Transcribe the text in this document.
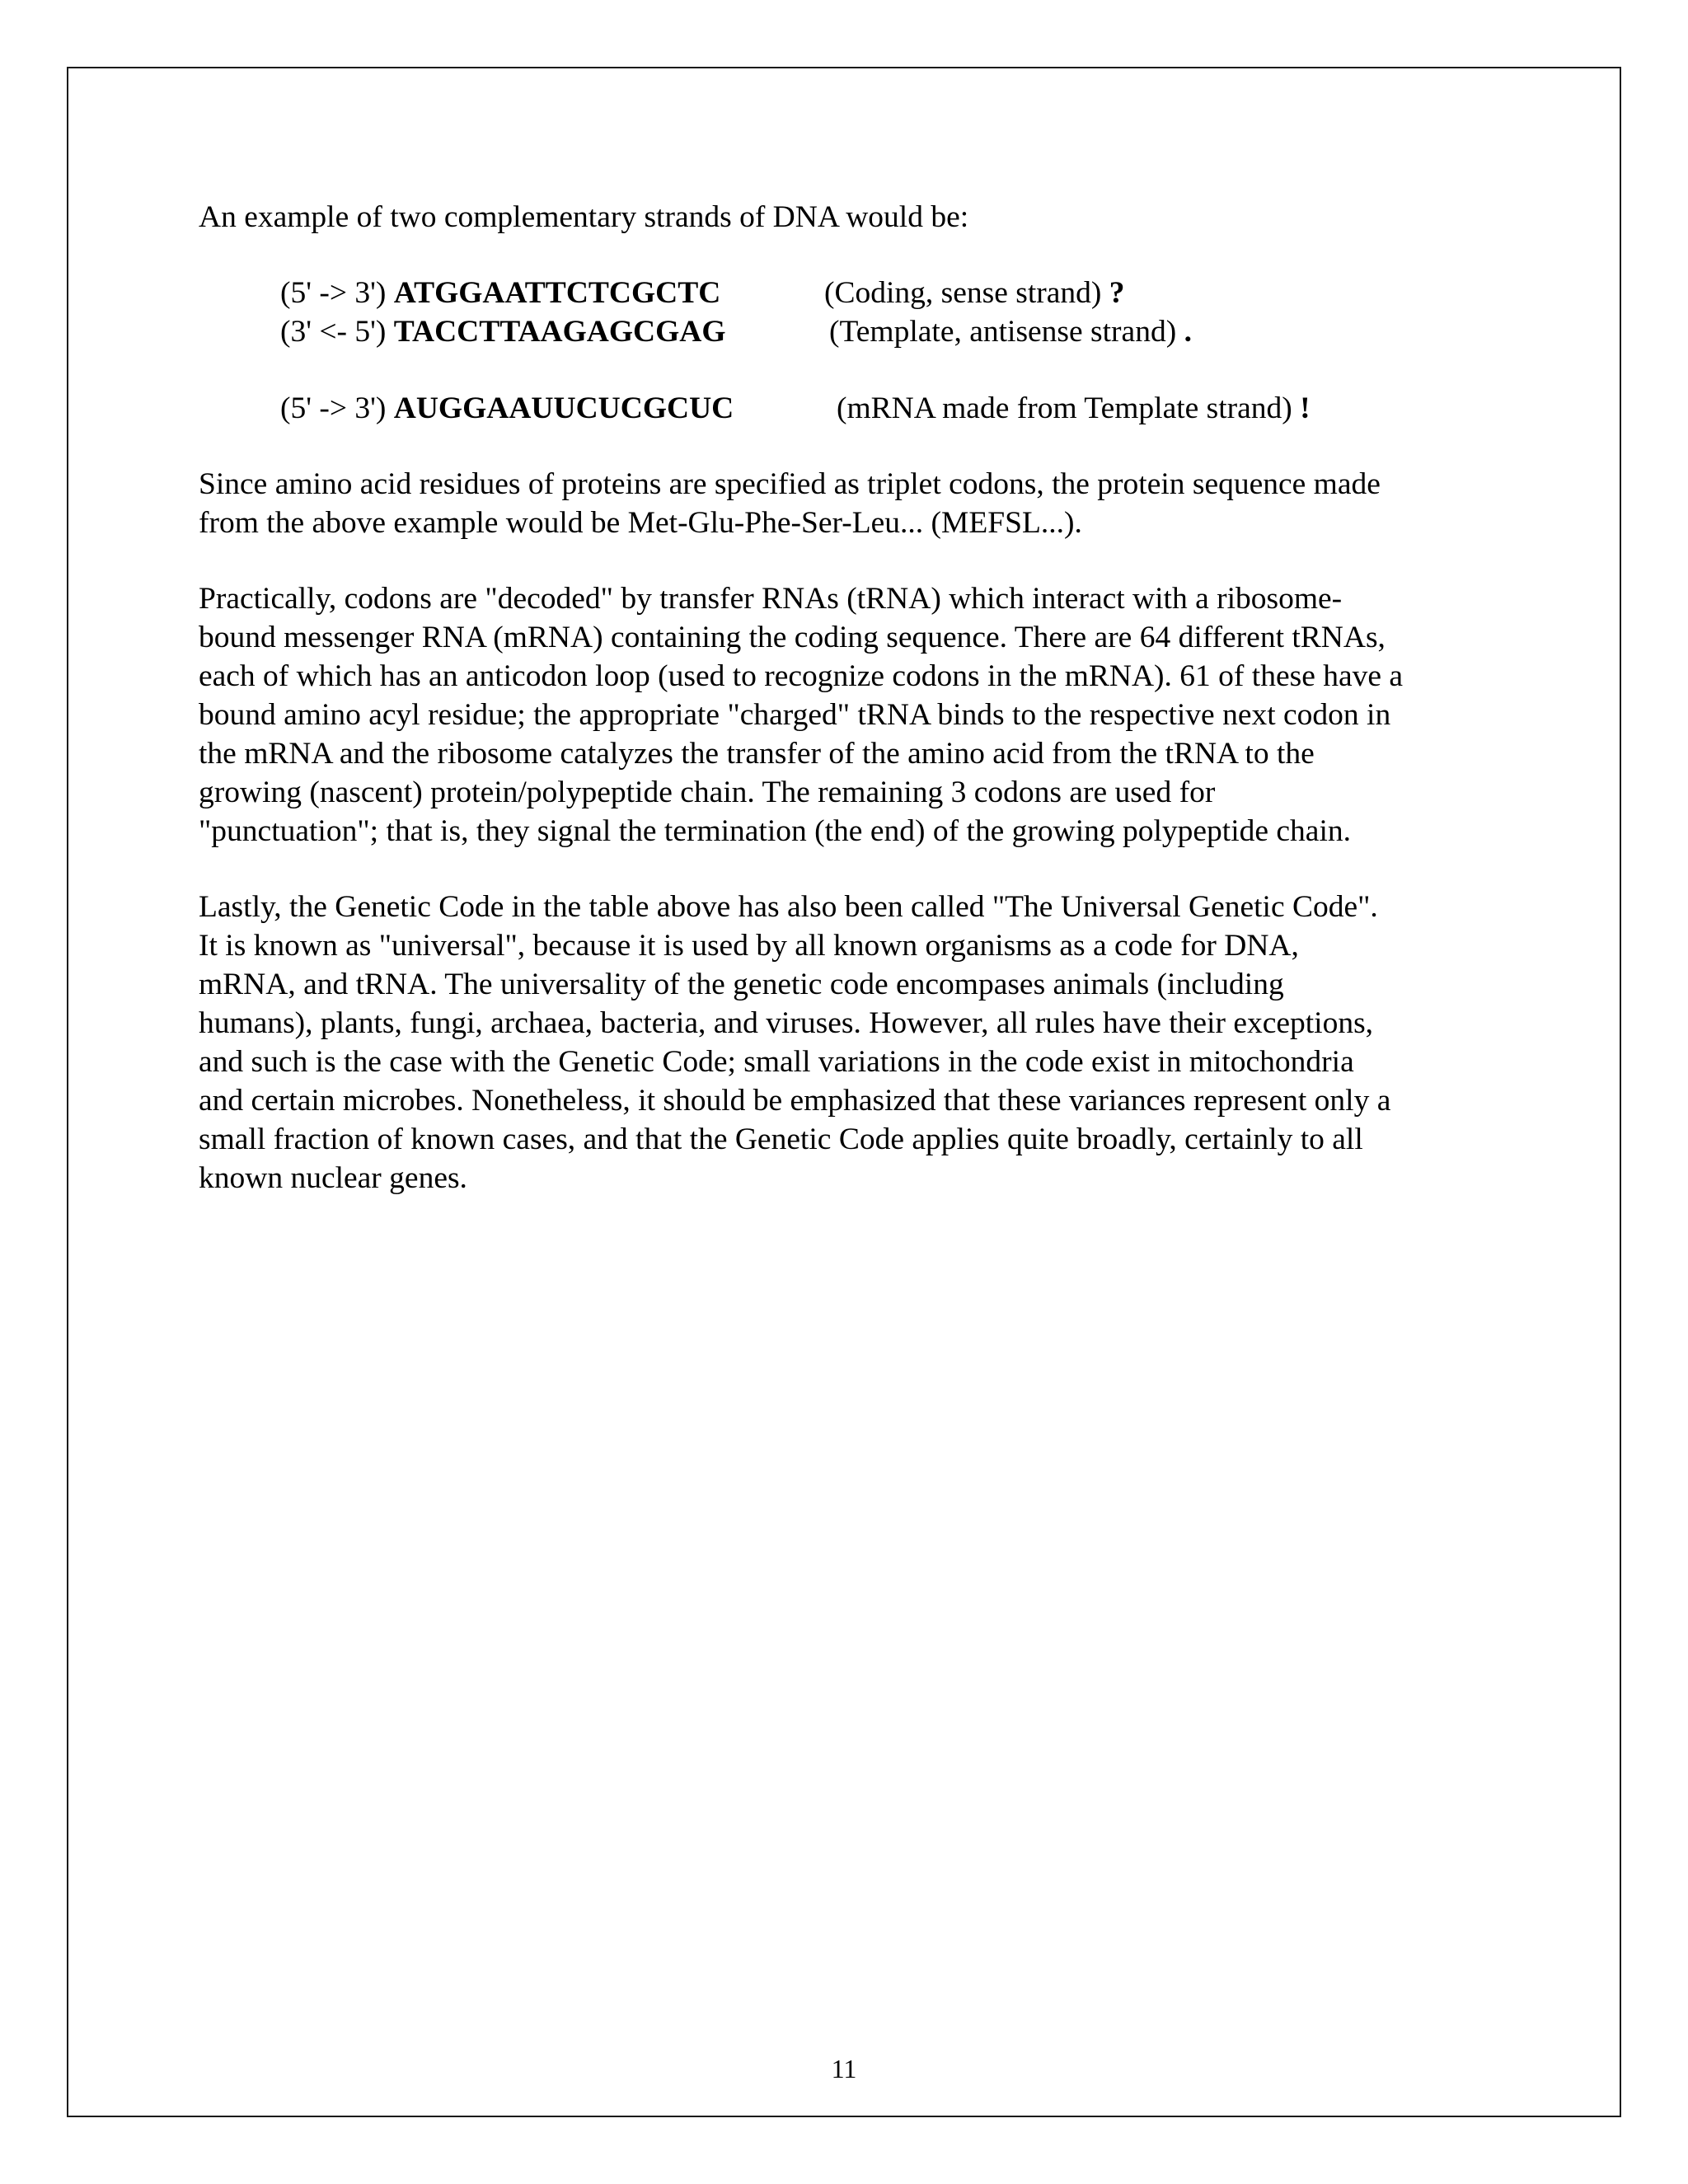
An example of two complementary strands of DNA would be:

(5' -> 3') ATGGAATTCTCGCTC	(Coding, sense strand) ?
(3' <- 5') TACCTTAAGAGCGAG	(Template, antisense strand) .
(5' -> 3') AUGGAAUUCUCGCUC	(mRNA made from Template strand) !

Since amino acid residues of proteins are specified as triplet codons, the protein sequence made

from the above example would be Met-Glu-Phe-Ser-Leu... (MEFSL...).

Practically, codons are "decoded" by transfer RNAs (tRNA) which interact with a ribosome-

bound messenger RNA (mRNA) containing the coding sequence. There are 64 different tRNAs,

each of which has an anticodon loop (used to recognize codons in the mRNA). 61 of these have a

bound amino acyl residue; the appropriate "charged" tRNA binds to the respective next codon in

the mRNA and the ribosome catalyzes the transfer of the amino acid from the tRNA to the

growing (nascent) protein/polypeptide chain. The remaining 3 codons are used for

"punctuation"; that is, they signal the termination (the end) of the growing polypeptide chain.

Lastly, the Genetic Code in the table above has also been called "The Universal Genetic Code".

It is known as "universal", because it is used by all known organisms as a code for DNA,

mRNA, and tRNA. The universality of the genetic code encompases animals (including

humans), plants, fungi, archaea, bacteria, and viruses. However, all rules have their exceptions,

and such is the case with the Genetic Code; small variations in the code exist in mitochondria

and certain microbes. Nonetheless, it should be emphasized that these variances represent only a

small fraction of known cases, and that the Genetic Code applies quite broadly, certainly to all

known nuclear genes.

11
